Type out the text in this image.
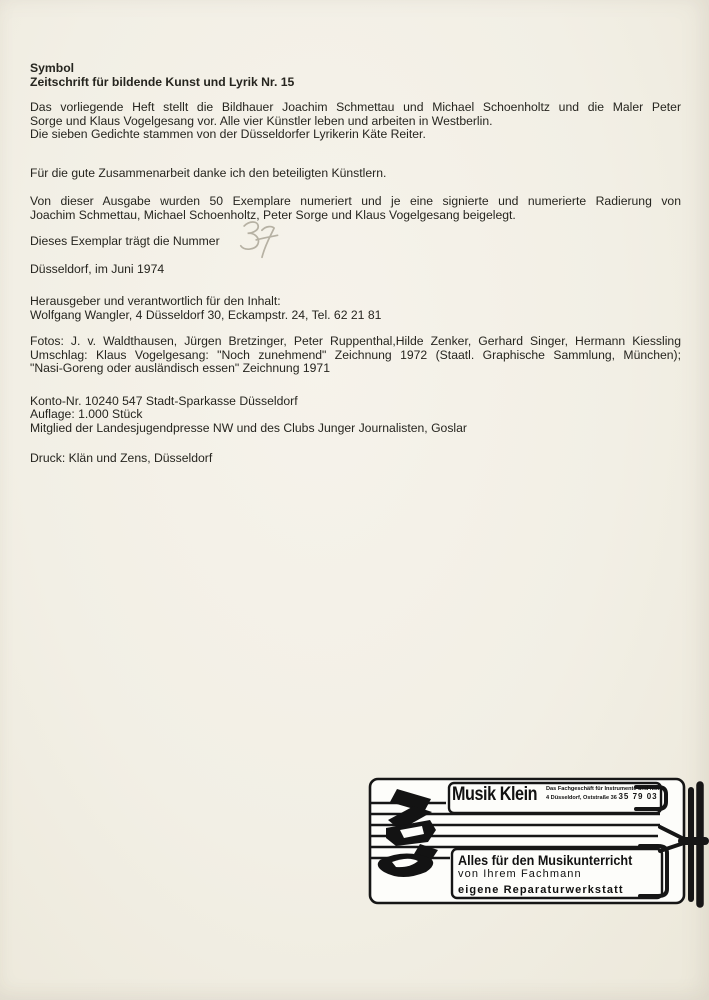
Symbol
Zeitschrift für bildende Kunst und Lyrik Nr. 15
Das vorliegende Heft stellt die Bildhauer Joachim Schmettau und Michael Schoenholtz und die Maler Peter
Sorge und Klaus Vogelgesang vor. Alle vier Künstler leben und arbeiten in Westberlin.
Die sieben Gedichte stammen von der Düsseldorfer Lyrikerin Käte Reiter.
Für die gute Zusammenarbeit danke ich den beteiligten Künstlern.
Von dieser Ausgabe wurden 50 Exemplare numeriert und je eine signierte und numerierte Radierung von
Joachim Schmettau, Michael Schoenholtz, Peter Sorge und Klaus Vogelgesang beigelegt.
Dieses Exemplar trägt die Nummer
Düsseldorf, im Juni 1974
Herausgeber und verantwortlich für den Inhalt:
Wolfgang Wangler, 4 Düsseldorf 30, Eckampstr. 24, Tel. 62 21 81
Fotos: J. v. Waldthausen, Jürgen Bretzinger, Peter Ruppenthal,Hilde Zenker, Gerhard Singer, Hermann Kiessling
Umschlag: Klaus Vogelgesang: "Noch zunehmend" Zeichnung 1972 (Staatl. Graphische Sammlung, München);
"Nasi-Goreng oder ausländisch essen" Zeichnung 1971
Konto-Nr. 10240 547 Stadt-Sparkasse Düsseldorf
Auflage: 1.000 Stück
Mitglied der Landesjugendpresse NW und des Clubs Junger Journalisten, Goslar
Druck: Klän und Zens, Düsseldorf
Musik Klein Das Fachgeschäft für Instrumente und Noten
4 Düsseldorf, Oststraße 36 35 79 03
Alles für den Musikunterricht
von Ihrem Fachmann
eigene Reparaturwerkstatt
